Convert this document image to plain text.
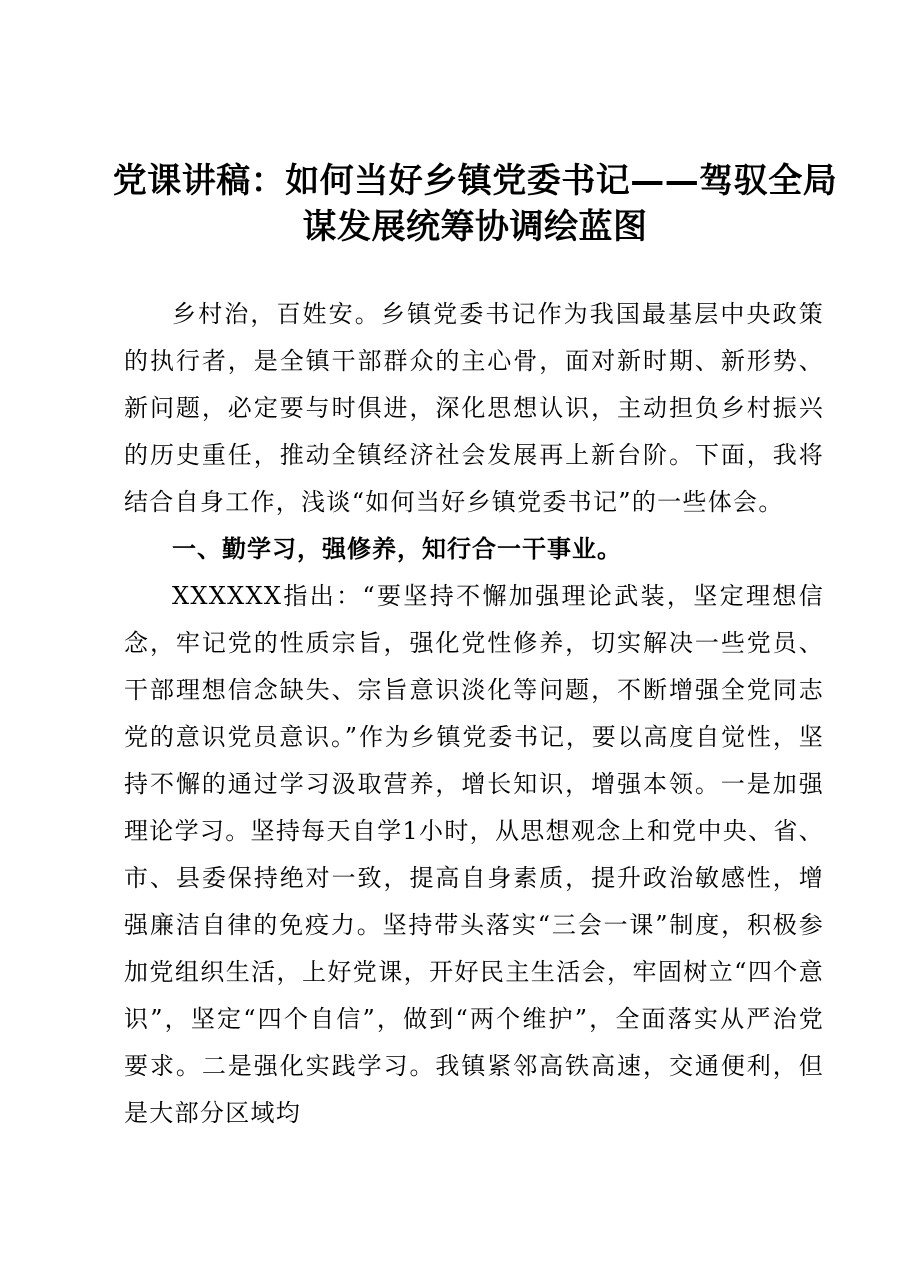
党课讲稿：如何当好乡镇党委书记——驾驭全局
谋发展统筹协调绘蓝图

乡村治，百姓安。乡镇党委书记作为我国最基层中央政策的执行者，是全镇干部群众的主心骨，面对新时期、新形势、新问题，必定要与时俱进，深化思想认识，主动担负乡村振兴的历史重任，推动全镇经济社会发展再上新台阶。下面，我将结合自身工作，浅谈“如何当好乡镇党委书记”的一些体会。

一、勤学习，强修养，知行合一干事业。

XXXXXX指出：“要坚持不懈加强理论武装，坚定理想信念，牢记党的性质宗旨，强化党性修养，切实解决一些党员、干部理想信念缺失、宗旨意识淡化等问题，不断增强全党同志党的意识党员意识。”作为乡镇党委书记，要以高度自觉性，坚持不懈的通过学习汲取营养，增长知识，增强本领。一是加强理论学习。坚持每天自学1小时，从思想观念上和党中央、省、市、县委保持绝对一致，提高自身素质，提升政治敏感性，增强廉洁自律的免疫力。坚持带头落实“三会一课”制度，积极参加党组织生活，上好党课，开好民主生活会，牢固树立“四个意识”，坚定“四个自信”，做到“两个维护”，全面落实从严治党要求。二是强化实践学习。我镇紧邻高铁高速，交通便利，但是大部分区域均
